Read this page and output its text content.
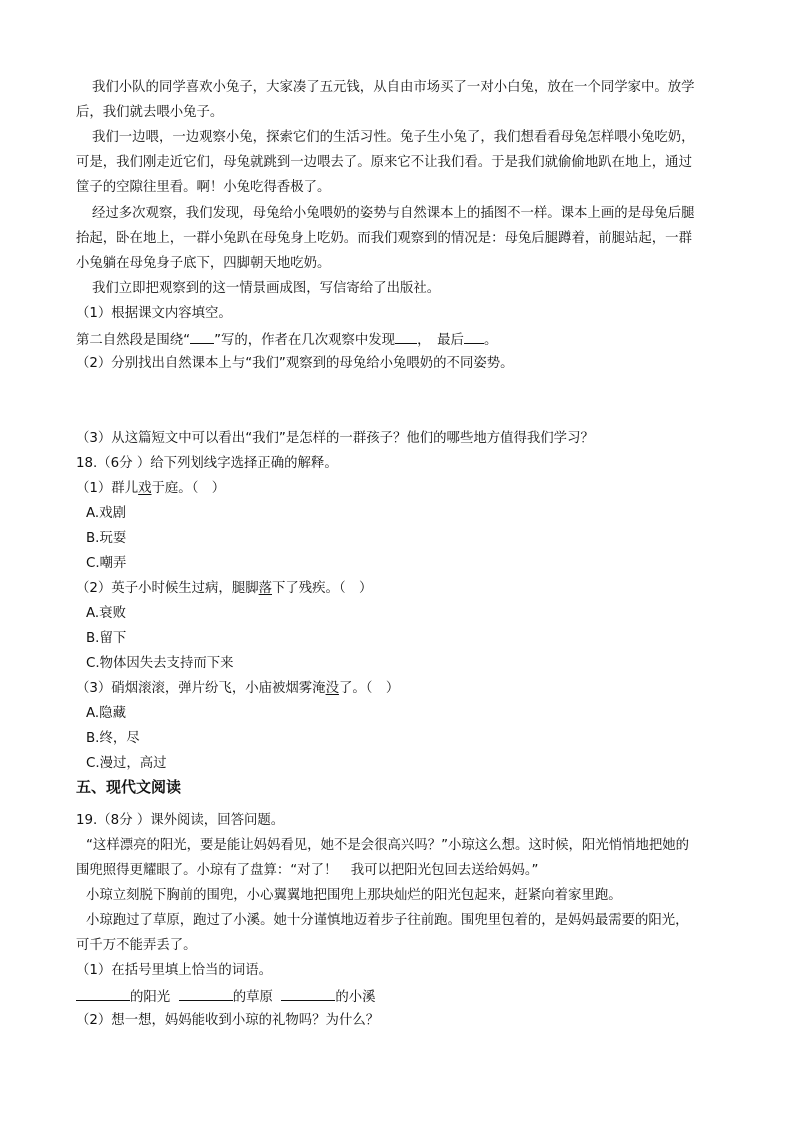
我们小队的同学喜欢小兔子，大家凑了五元钱，从自由市场买了一对小白兔，放在一个同学家中。放学
后，我们就去喂小兔子。
我们一边喂，一边观察小兔，探索它们的生活习性。兔子生小兔了，我们想看看母兔怎样喂小兔吃奶，
可是，我们刚走近它们，母兔就跳到一边喂去了。原来它不让我们看。于是我们就偷偷地趴在地上，通过
筐子的空隙往里看。啊！小兔吃得香极了。
经过多次观察，我们发现，母兔给小兔喂奶的姿势与自然课本上的插图不一样。课本上画的是母兔后腿
抬起，卧在地上，一群小兔趴在母兔身上吃奶。而我们观察到的情况是：母兔后腿蹲着，前腿站起，一群
小兔躺在母兔身子底下，四脚朝天地吃奶。
我们立即把观察到的这一情景画成图，写信寄给了出版社。
（1）根据课文内容填空。
第二自然段是围绕“ ”写的，作者在几次观察中发现 ，　最后 。
（2）分别找出自然课本上与“我们”观察到的母兔给小兔喂奶的不同姿势。
（3）从这篇短文中可以看出“我们”是怎样的一群孩子？他们的哪些地方值得我们学习？
18.（6分 ）给下列划线字选择正确的解释。
（1）群儿戏于庭。（　）
A.戏剧
B.玩耍
C.嘲弄
（2）英子小时候生过病，腿脚落下了残疾。（　）
A.衰败
B.留下
C.物体因失去支持而下来
（3）硝烟滚滚，弹片纷飞，小庙被烟雾淹没了。（　）
A.隐藏
B.终，尽
C.漫过，高过
五、现代文阅读
19.（8分 ）课外阅读，回答问题。
“这样漂亮的阳光，要是能让妈妈看见，她不是会很高兴吗？”小琼这么想。这时候，阳光悄悄地把她的
围兜照得更耀眼了。小琼有了盘算：“对了！　我可以把阳光包回去送给妈妈。”
小琼立刻脱下胸前的围兜，小心翼翼地把围兜上那块灿烂的阳光包起来，赶紧向着家里跑。
小琼跑过了草原，跑过了小溪。她十分谨慎地迈着步子往前跑。围兜里包着的，是妈妈最需要的阳光，
可千万不能弄丢了。
（1）在括号里填上恰当的词语。
的阳光	的草原	的小溪
（2）想一想，妈妈能收到小琼的礼物吗？为什么？
